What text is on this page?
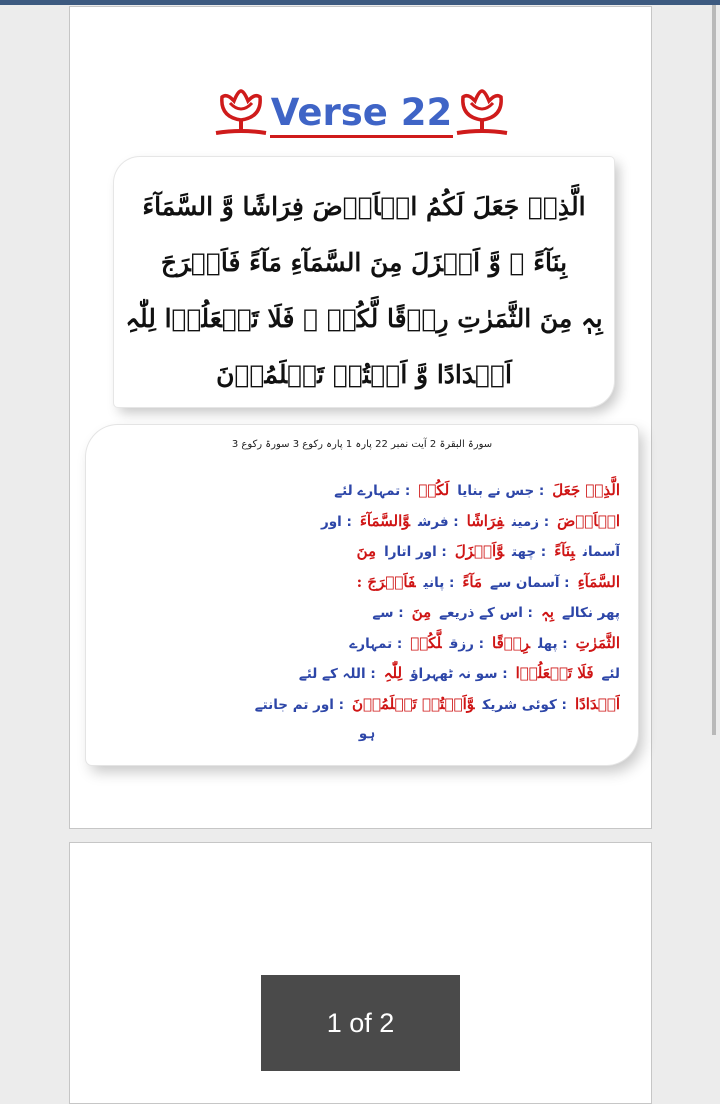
Verse 22
الَّذِیۡ جَعَلَ لَکُمُ الۡاَرۡضَ فِرَاشًا وَّ السَّمَآءَ
بِنَآءً ۪ وَّ اَنۡزَلَ مِنَ السَّمَآءِ مَآءً فَاَخۡرَجَ
بِہٖ مِنَ الثَّمَرٰتِ رِزۡقًا لَّکُمۡ ۚ فَلَا تَجۡعَلُوۡا لِلّٰہِ
اَنۡدَادًا وَّ اَنۡتُمۡ تَعۡلَمُوۡنَ
سورۃ البقرۃ 2 آیت نمبر 22 پارہ 1 پارہ رکوع 3 سورۃ رکوع 3
الَّذِیۡ جَعَلَ: جس نے بنایالَکُمۡ: تمہارے لئے
الۡاَرۡضَ: زمینفِرَاشًا: فرشوَّالسَّمَآءَ: اور
آسمانبِنَآءً: چھتوَّاَنۡزَلَ: اور اتارامِنَ
السَّمَآءِ: آسمان سےمَآءً: پانیفَاَخۡرَجَ :
پھر نکالےبِہٖ: اس کے ذریعےمِنَ: سے
الثَّمَرٰتِ: پھلرِزۡقًا: رزقلَّکُمۡ: تمہارے
لئےفَلَا تَجۡعَلُوۡا: سو نہ ٹھہراؤلِلّٰہِ: اللہ کے لئے
اَنۡدَادًا: کوئی شریکوَّاَنۡتُمۡ تَعۡلَمُوۡنَ: اور تم جانتے
ہو
1 of 2
